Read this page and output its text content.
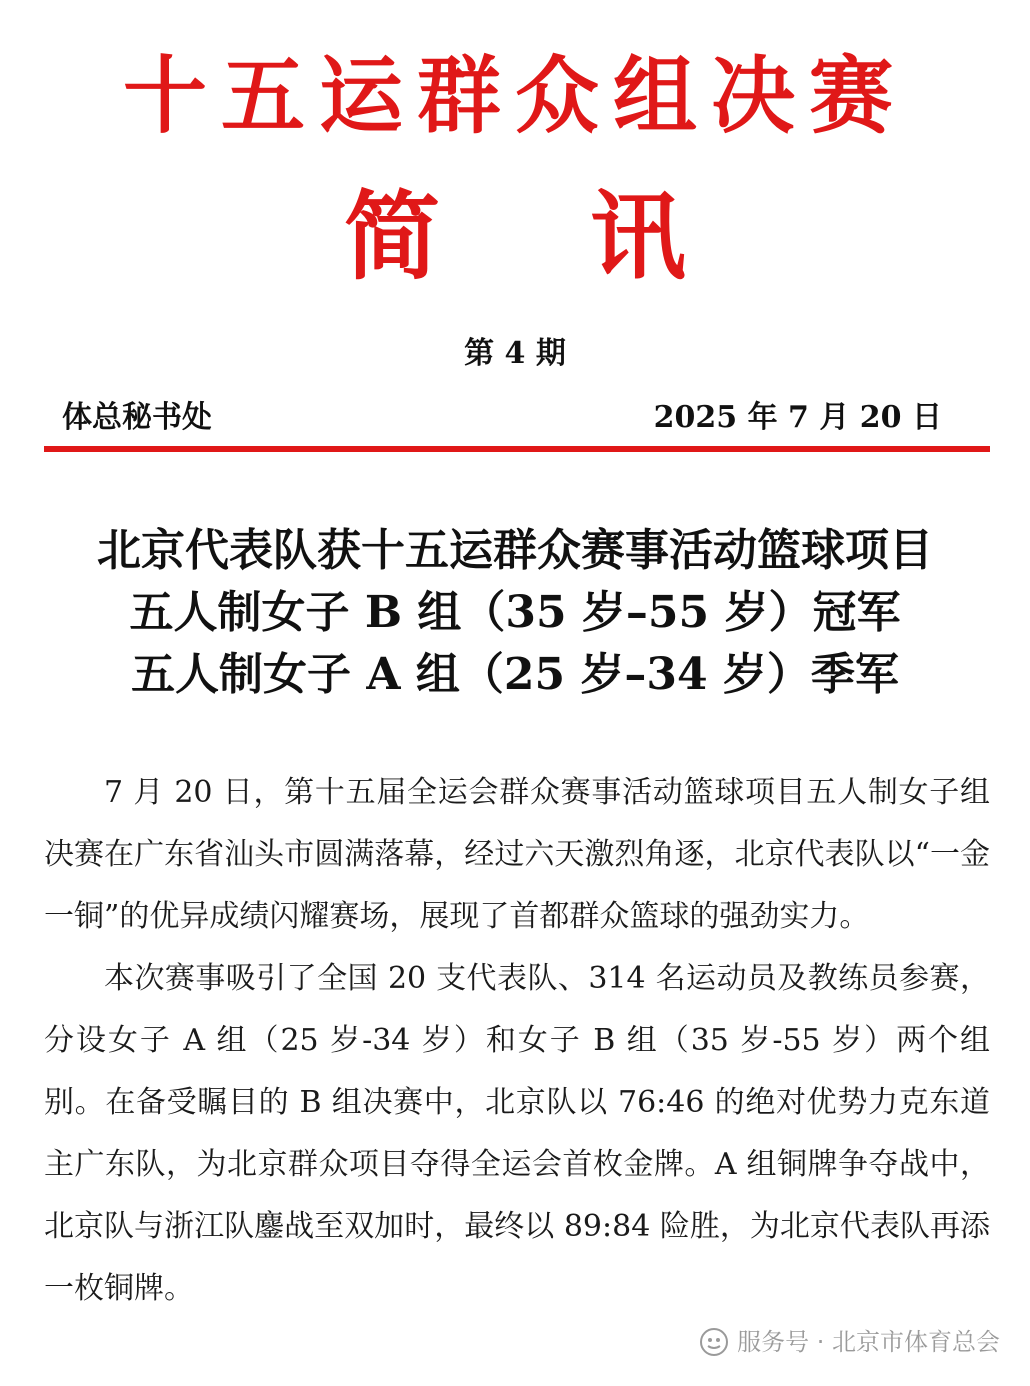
十五运群众组决赛
简讯
第 4 期
体总秘书处	2025 年 7 月 20 日
北京代表队获十五运群众赛事活动篮球项目
五人制女子 B 组（35 岁–55 岁）冠军
五人制女子 A 组（25 岁–34 岁）季军

7 月 20 日，第十五届全运会群众赛事活动篮球项目五人制女子组决赛在广东省汕头市圆满落幕，经过六天激烈角逐，北京代表队以“一金一铜”的优异成绩闪耀赛场，展现了首都群众篮球的强劲实力。

本次赛事吸引了全国 20 支代表队、314 名运动员及教练员参赛，分设女子 A 组（25 岁-34 岁）和女子 B 组（35 岁-55 岁）两个组别。在备受瞩目的 B 组决赛中，北京队以 76:46 的绝对优势力克东道主广东队，为北京群众项目夺得全运会首枚金牌。A 组铜牌争夺战中，北京队与浙江队鏖战至双加时，最终以 89:84 险胜，为北京代表队再添一枚铜牌。

服务号 · 北京市体育总会
